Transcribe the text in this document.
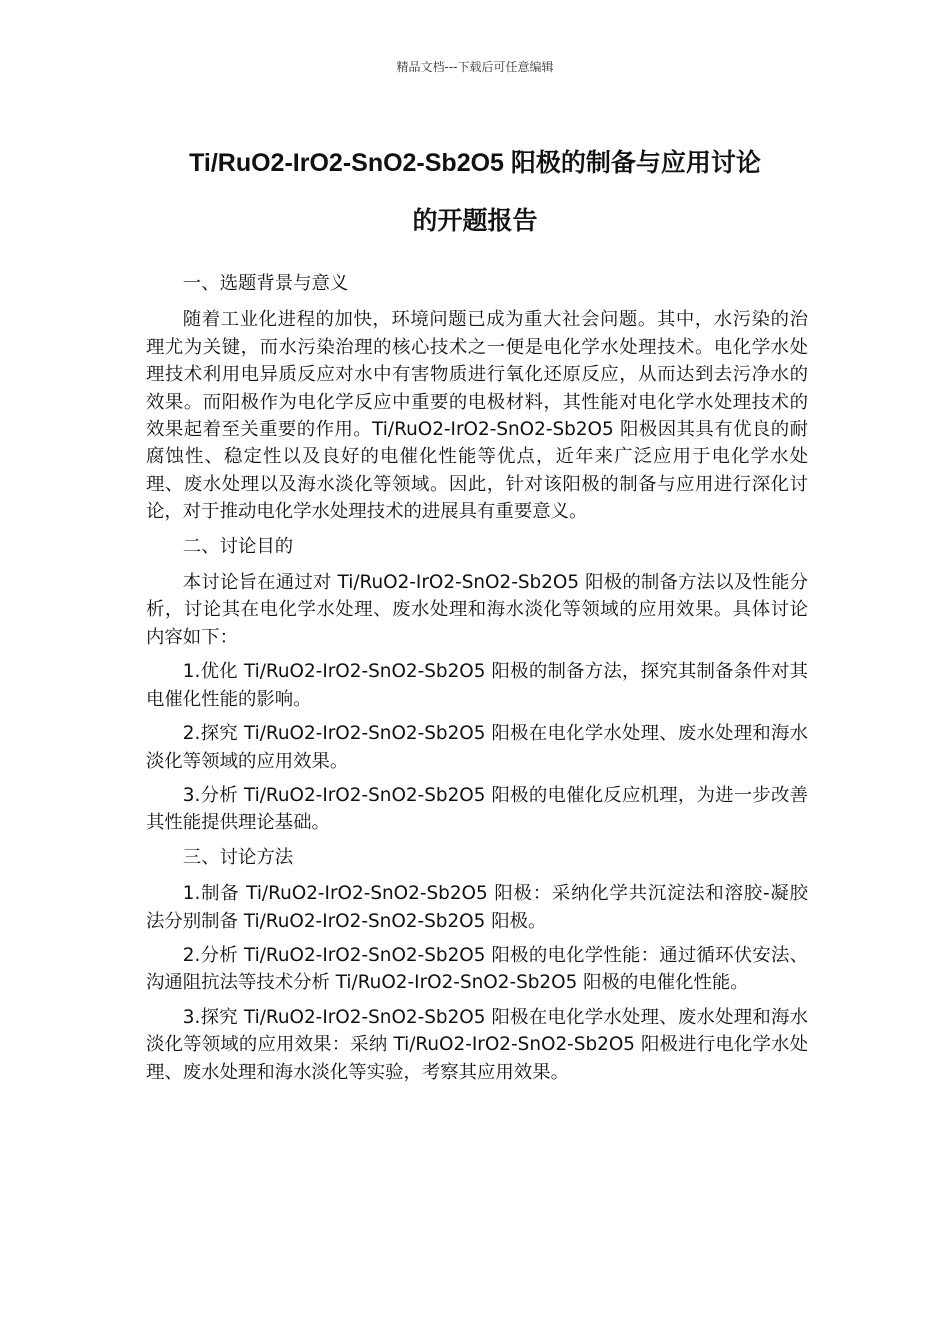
精品文档---下载后可任意编辑
Ti/RuO2-IrO2-SnO2-Sb2O5 阳极的制备与应用讨论
的开题报告

一、选题背景与意义

随着工业化进程的加快，环境问题已成为重大社会问题。其中，水污染的治理尤为关键，而水污染治理的核心技术之一便是电化学水处理技术。电化学水处理技术利用电异质反应对水中有害物质进行氧化还原反应，从而达到去污净水的效果。而阳极作为电化学反应中重要的电极材料，其性能对电化学水处理技术的效果起着至关重要的作用。Ti/RuO2-IrO2-SnO2-Sb2O5 阳极因其具有优良的耐腐蚀性、稳定性以及良好的电催化性能等优点，近年来广泛应用于电化学水处理、废水处理以及海水淡化等领域。因此，针对该阳极的制备与应用进行深化讨论，对于推动电化学水处理技术的进展具有重要意义。

二、讨论目的

本讨论旨在通过对 Ti/RuO2-IrO2-SnO2-Sb2O5 阳极的制备方法以及性能分析，讨论其在电化学水处理、废水处理和海水淡化等领域的应用效果。具体讨论内容如下：

1.优化 Ti/RuO2-IrO2-SnO2-Sb2O5 阳极的制备方法，探究其制备条件对其电催化性能的影响。

2.探究 Ti/RuO2-IrO2-SnO2-Sb2O5 阳极在电化学水处理、废水处理和海水淡化等领域的应用效果。

3.分析 Ti/RuO2-IrO2-SnO2-Sb2O5 阳极的电催化反应机理，为进一步改善其性能提供理论基础。

三、讨论方法

1.制备 Ti/RuO2-IrO2-SnO2-Sb2O5 阳极：采纳化学共沉淀法和溶胶-凝胶法分别制备 Ti/RuO2-IrO2-SnO2-Sb2O5 阳极。

2.分析 Ti/RuO2-IrO2-SnO2-Sb2O5 阳极的电化学性能：通过循环伏安法、沟通阻抗法等技术分析 Ti/RuO2-IrO2-SnO2-Sb2O5 阳极的电催化性能。

3.探究 Ti/RuO2-IrO2-SnO2-Sb2O5 阳极在电化学水处理、废水处理和海水淡化等领域的应用效果：采纳 Ti/RuO2-IrO2-SnO2-Sb2O5 阳极进行电化学水处理、废水处理和海水淡化等实验，考察其应用效果。
